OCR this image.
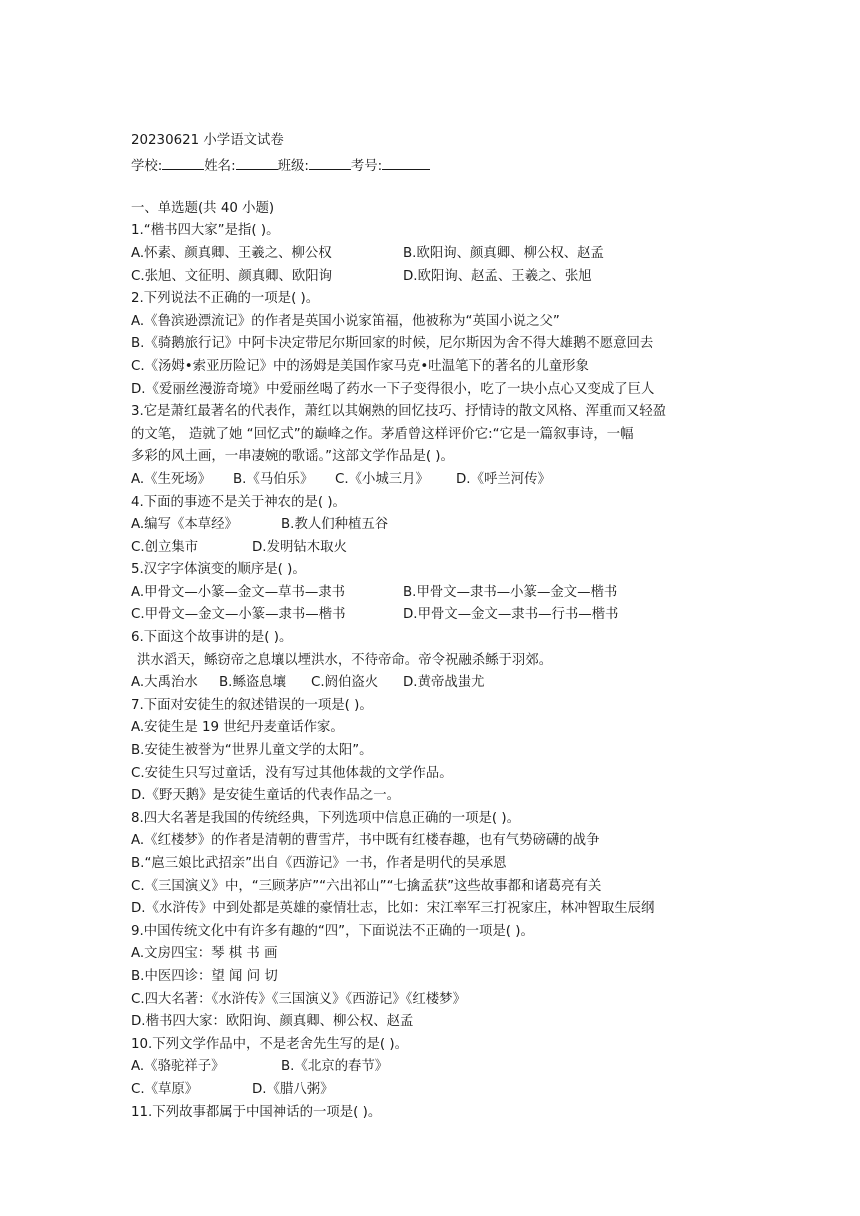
20230621 小学语文试卷
学校:	姓名:	班级:	考号:
一、单选题(共 40 小题)
1.“楷书四大家”是指( )。
A.怀素、颜真卿、王羲之、柳公权	B.欧阳询、颜真卿、柳公权、赵孟
C.张旭、文征明、颜真卿、欧阳询	D.欧阳询、赵孟、王羲之、张旭
2.下列说法不正确的一项是( )。
A.《鲁滨逊漂流记》的作者是英国小说家笛福，他被称为“英国小说之父”
B.《骑鹅旅行记》中阿卡决定带尼尔斯回家的时候，尼尔斯因为舍不得大雄鹅不愿意回去
C.《汤姆•索亚历险记》中的汤姆是美国作家马克•吐温笔下的著名的儿童形象
D.《爱丽丝漫游奇境》中爱丽丝喝了药水一下子变得很小，吃了一块小点心又变成了巨人
3.它是萧红最著名的代表作，萧红以其娴熟的回忆技巧、抒情诗的散文风格、浑重而又轻盈
的文笔， 造就了她 “回忆式”的巅峰之作。茅盾曾这样评价它:“它是一篇叙事诗，一幅
多彩的风土画，一串凄婉的歌谣。”这部文学作品是( )。
A.《生死场》	B.《马伯乐》	C.《小城三月》	D.《呼兰河传》
4.下面的事迹不是关于神农的是( )。
A.编写《本草经》	B.教人们种植五谷
C.创立集市	D.发明钻木取火
5.汉字字体演变的顺序是( )。
A.甲骨文—小篆—金文—草书—隶书	B.甲骨文—隶书—小篆—金文—楷书
C.甲骨文—金文—小篆—隶书—楷书	D.甲骨文—金文—隶书—行书—楷书
6.下面这个故事讲的是( )。
洪水滔天，鲧窃帝之息壤以堙洪水，不待帝命。帝令祝融杀鲧于羽郊。
A.大禹治水	B.鲧盗息壤	C.阏伯盗火	D.黄帝战蚩尤
7.下面对安徒生的叙述错误的一项是( )。
A.安徒生是 19 世纪丹麦童话作家。
B.安徒生被誉为“世界儿童文学的太阳”。
C.安徒生只写过童话，没有写过其他体裁的文学作品。
D.《野天鹅》是安徒生童话的代表作品之一。
8.四大名著是我国的传统经典，下列选项中信息正确的一项是( )。
A.《红楼梦》的作者是清朝的曹雪芹，书中既有红楼春趣，也有气势磅礴的战争
B.“扈三娘比武招亲”出自《西游记》一书，作者是明代的吴承恩
C.《三国演义》中，“三顾茅庐”“六出祁山”“七擒孟获”这些故事都和诸葛亮有关
D.《水浒传》中到处都是英雄的豪情壮志，比如：宋江率军三打祝家庄，林冲智取生辰纲
9.中国传统文化中有许多有趣的“四”，下面说法不正确的一项是( )。
A.文房四宝：琴 棋 书 画
B.中医四诊：望 闻 问 切
C.四大名著：《水浒传》《三国演义》《西游记》《红楼梦》
D.楷书四大家：欧阳询、颜真卿、柳公权、赵孟
10.下列文学作品中，不是老舍先生写的是( )。
A.《骆驼祥子》	B.《北京的春节》
C.《草原》	D.《腊八粥》
11.下列故事都属于中国神话的一项是( )。
